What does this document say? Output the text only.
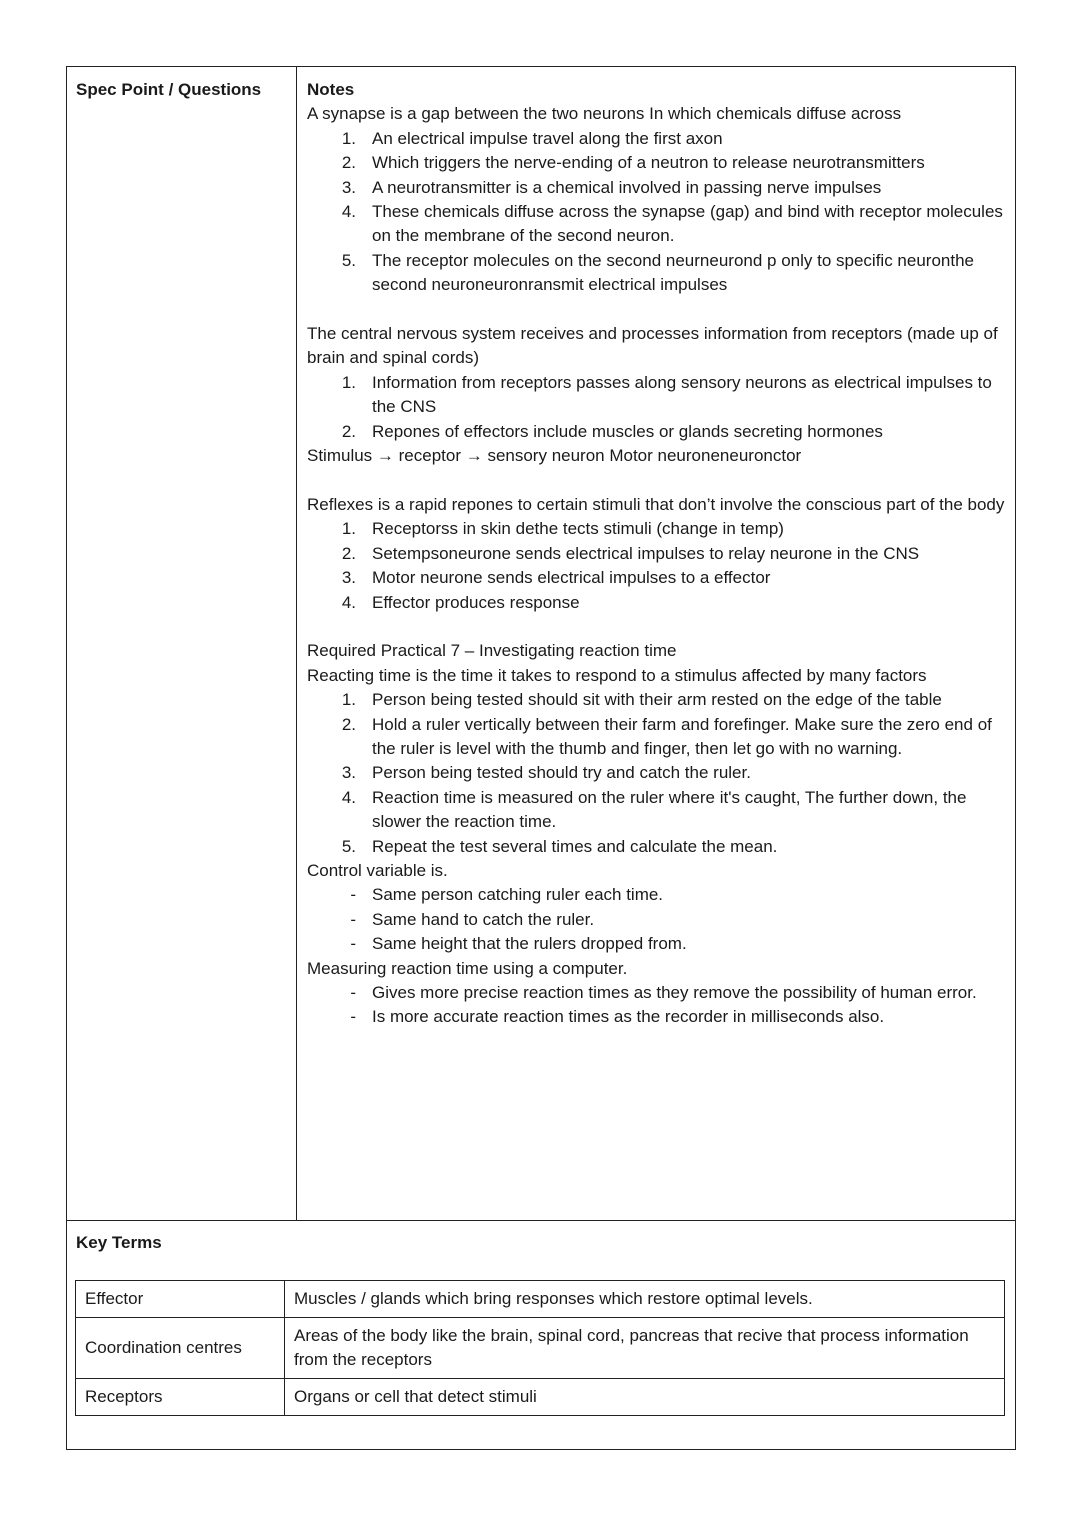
Spec Point / Questions	Notes

A synapse is a gap between the two neurons In which chemicals diffuse across

1. An electrical impulse travel along the first axon
2. Which triggers the nerve-ending of a neutron to release neurotransmitters
3. A neurotransmitter is a chemical involved in passing nerve impulses
4. These chemicals diffuse across the synapse (gap) and bind with receptor molecules on the membrane of the second neuron.
5. The receptor molecules on the second neurneurond p only to specific neuronthe second neuroneuronransmit electrical impulses

The central nervous system receives and processes information from receptors (made up of brain and spinal cords)

1. Information from receptors passes along sensory neurons as electrical impulses to the CNS
2. Repones of effectors include muscles or glands secreting hormones

Stimulus → receptor → sensory neuron Motor neuroneneuronctor

Reflexes is a rapid repones to certain stimuli that don’t involve the conscious part of the body

1. Receptorss in skin dethe tects stimuli (change in temp)
2. Setempsoneurone sends electrical impulses to relay neurone in the CNS
3. Motor neurone sends electrical impulses to a effector
4. Effector produces response

Required Practical 7 – Investigating reaction time

Reacting time is the time it takes to respond to a stimulus affected by many factors

1. Person being tested should sit with their arm rested on the edge of the table
2. Hold a ruler vertically between their farm and forefinger. Make sure the zero end of the ruler is level with the thumb and finger, then let go with no warning.
3. Person being tested should try and catch the ruler.
4. Reaction time is measured on the ruler where it's caught, The further down, the slower the reaction time.
5. Repeat the test several times and calculate the mean.

Control variable is.

- Same person catching ruler each time.
- Same hand to catch the ruler.
- Same height that the rulers dropped from.

Measuring reaction time using a computer.

- Gives more precise reaction times as they remove the possibility of human error.
- Is more accurate reaction times as the recorder in milliseconds also.
Key Terms
Effector	Muscles / glands which bring responses which restore optimal levels.
Coordination centres	Areas of the body like the brain, spinal cord, pancreas that recive that process information from the receptors
Receptors	Organs or cell that detect stimuli
